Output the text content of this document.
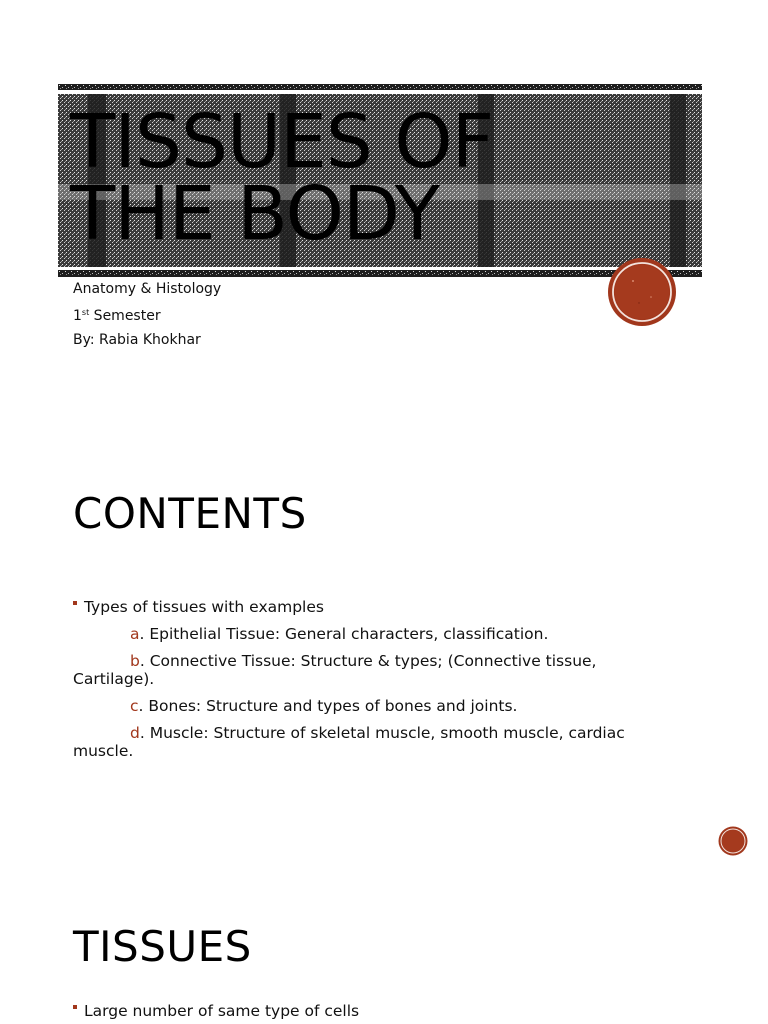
TISSUES OF
THE BODY
Anatomy & Histology
1st Semester
By: Rabia Khokhar
CONTENTS
Types of tissues with examples
a. Epithelial Tissue: General characters, classification.
b. Connective Tissue: Structure & types; (Connective tissue, Cartilage).
c. Bones: Structure and types of bones and joints.
d. Muscle: Structure of skeletal muscle, smooth muscle, cardiac muscle.
TISSUES
Large number of same type of cells
